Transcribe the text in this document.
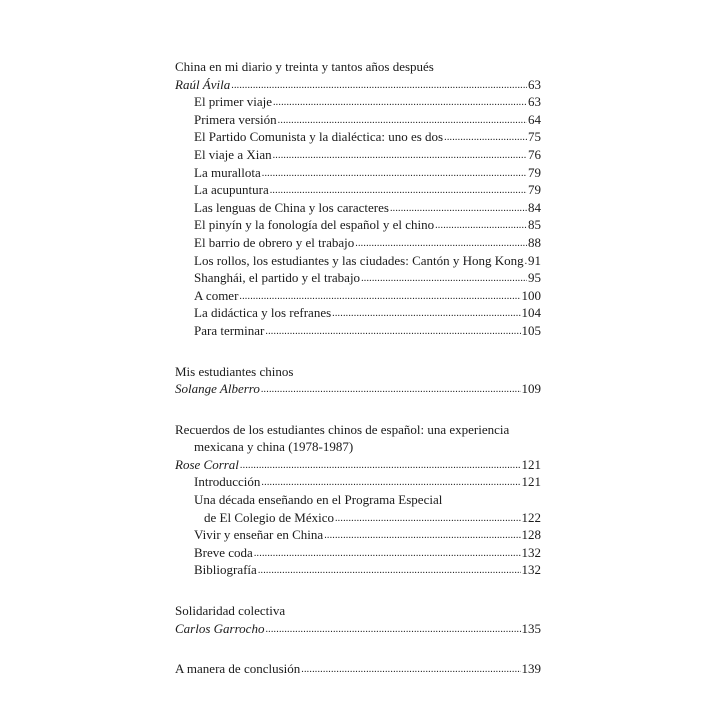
China en mi diario y treinta y tantos años después
Raúl Ávila .....	63
El primer viaje .....	63
Primera versión .....	64
El Partido Comunista y la dialéctica: uno es dos .....	75
El viaje a Xian .....	76
La murallota .....	79
La acupuntura .....	79
Las lenguas de China y los caracteres .....	84
El pinyín y la fonología del español y el chino .....	85
El barrio de obrero y el trabajo .....	88
Los rollos, los estudiantes y las ciudades: Cantón y Hong Kong ..... 91
Shanghái, el partido y el trabajo .....	95
A comer .....	100
La didáctica y los refranes .....	104
Para terminar .....	105
Mis estudiantes chinos
Solange Alberro .....	109
Recuerdos de los estudiantes chinos de español: una experiencia
mexicana y china (1978-1987)
Rose Corral .....	121
Introducción .....	121
Una década enseñando en el Programa Especial
de El Colegio de México .....	122
Vivir y enseñar en China .....	128
Breve coda .....	132
Bibliografía .....	132
Solidaridad colectiva
Carlos Garrocho .....	135
A manera de conclusión .....	139
